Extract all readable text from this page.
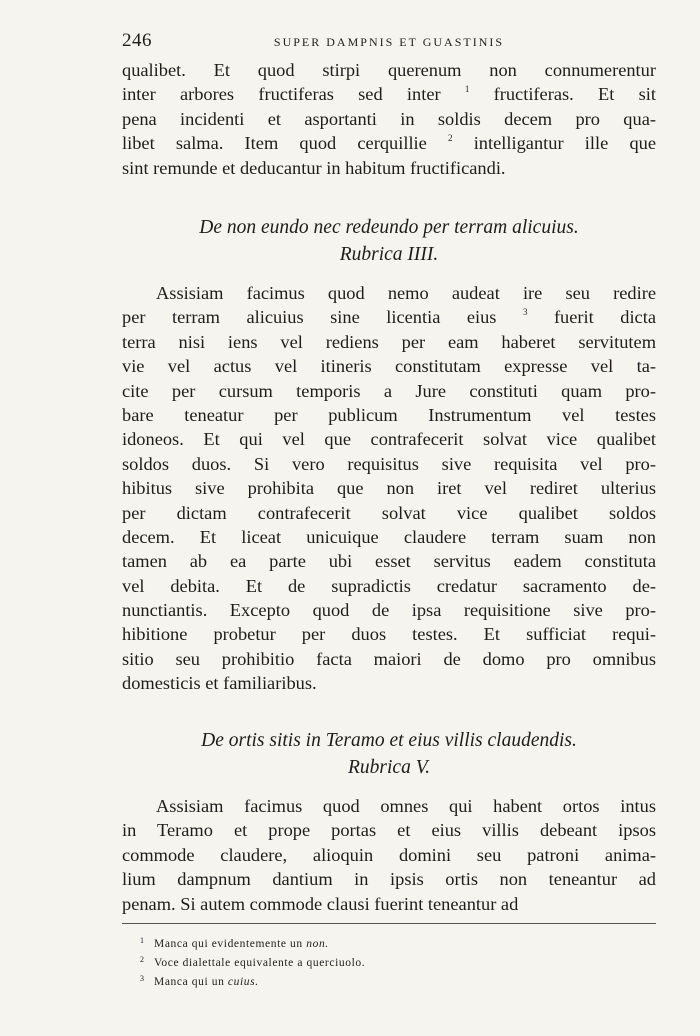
246	SUPER DAMPNIS ET GUASTINIS
qualibet. Et quod stirpi querenum non connumerentur
inter arbores fructiferas sed inter $^1$ fructiferas. Et sit
pena incidenti et asportanti in soldis decem pro qua-
libet salma. Item quod cerquillie $^2$ intelligantur ille que
sint remunde et deducantur in habitum fructificandi.
De non eundo nec redeundo per terram alicuius.
Rubrica IIII.
Assisiam facimus quod nemo audeat ire seu redire
per terram alicuius sine licentia eius $^3$ fuerit dicta
terra nisi iens vel rediens per eam haberet servitutem
vie vel actus vel itineris constitutam expresse vel ta-
cite per cursum temporis a Jure constituti quam pro-
bare teneatur per publicum Instrumentum vel testes
idoneos. Et qui vel que contrafecerit solvat vice qualibet
soldos duos. Si vero requisitus sive requisita vel pro-
hibitus sive prohibita que non iret vel rediret ulterius
per dictam contrafecerit solvat vice qualibet soldos
decem. Et liceat unicuique claudere terram suam non
tamen ab ea parte ubi esset servitus eadem constituta
vel debita. Et de supradictis credatur sacramento de-
nunctiantis. Excepto quod de ipsa requisitione sive pro-
hibitione probetur per duos testes. Et sufficiat requi-
sitio seu prohibitio facta maiori de domo pro omnibus
domesticis et familiaribus.
De ortis sitis in Teramo et eius villis claudendis.
Rubrica V.
Assisiam facimus quod omnes qui habent ortos intus
in Teramo et prope portas et eius villis debeant ipsos
commode claudere, alioquin domini seu patroni anima-
lium dampnum dantium in ipsis ortis non teneantur ad
penam. Si autem commode clausi fuerint teneantur ad
1 Manca qui evidentemente un non.
2 Voce dialettale equivalente a querciuolo.
3 Manca qui un cuius.
